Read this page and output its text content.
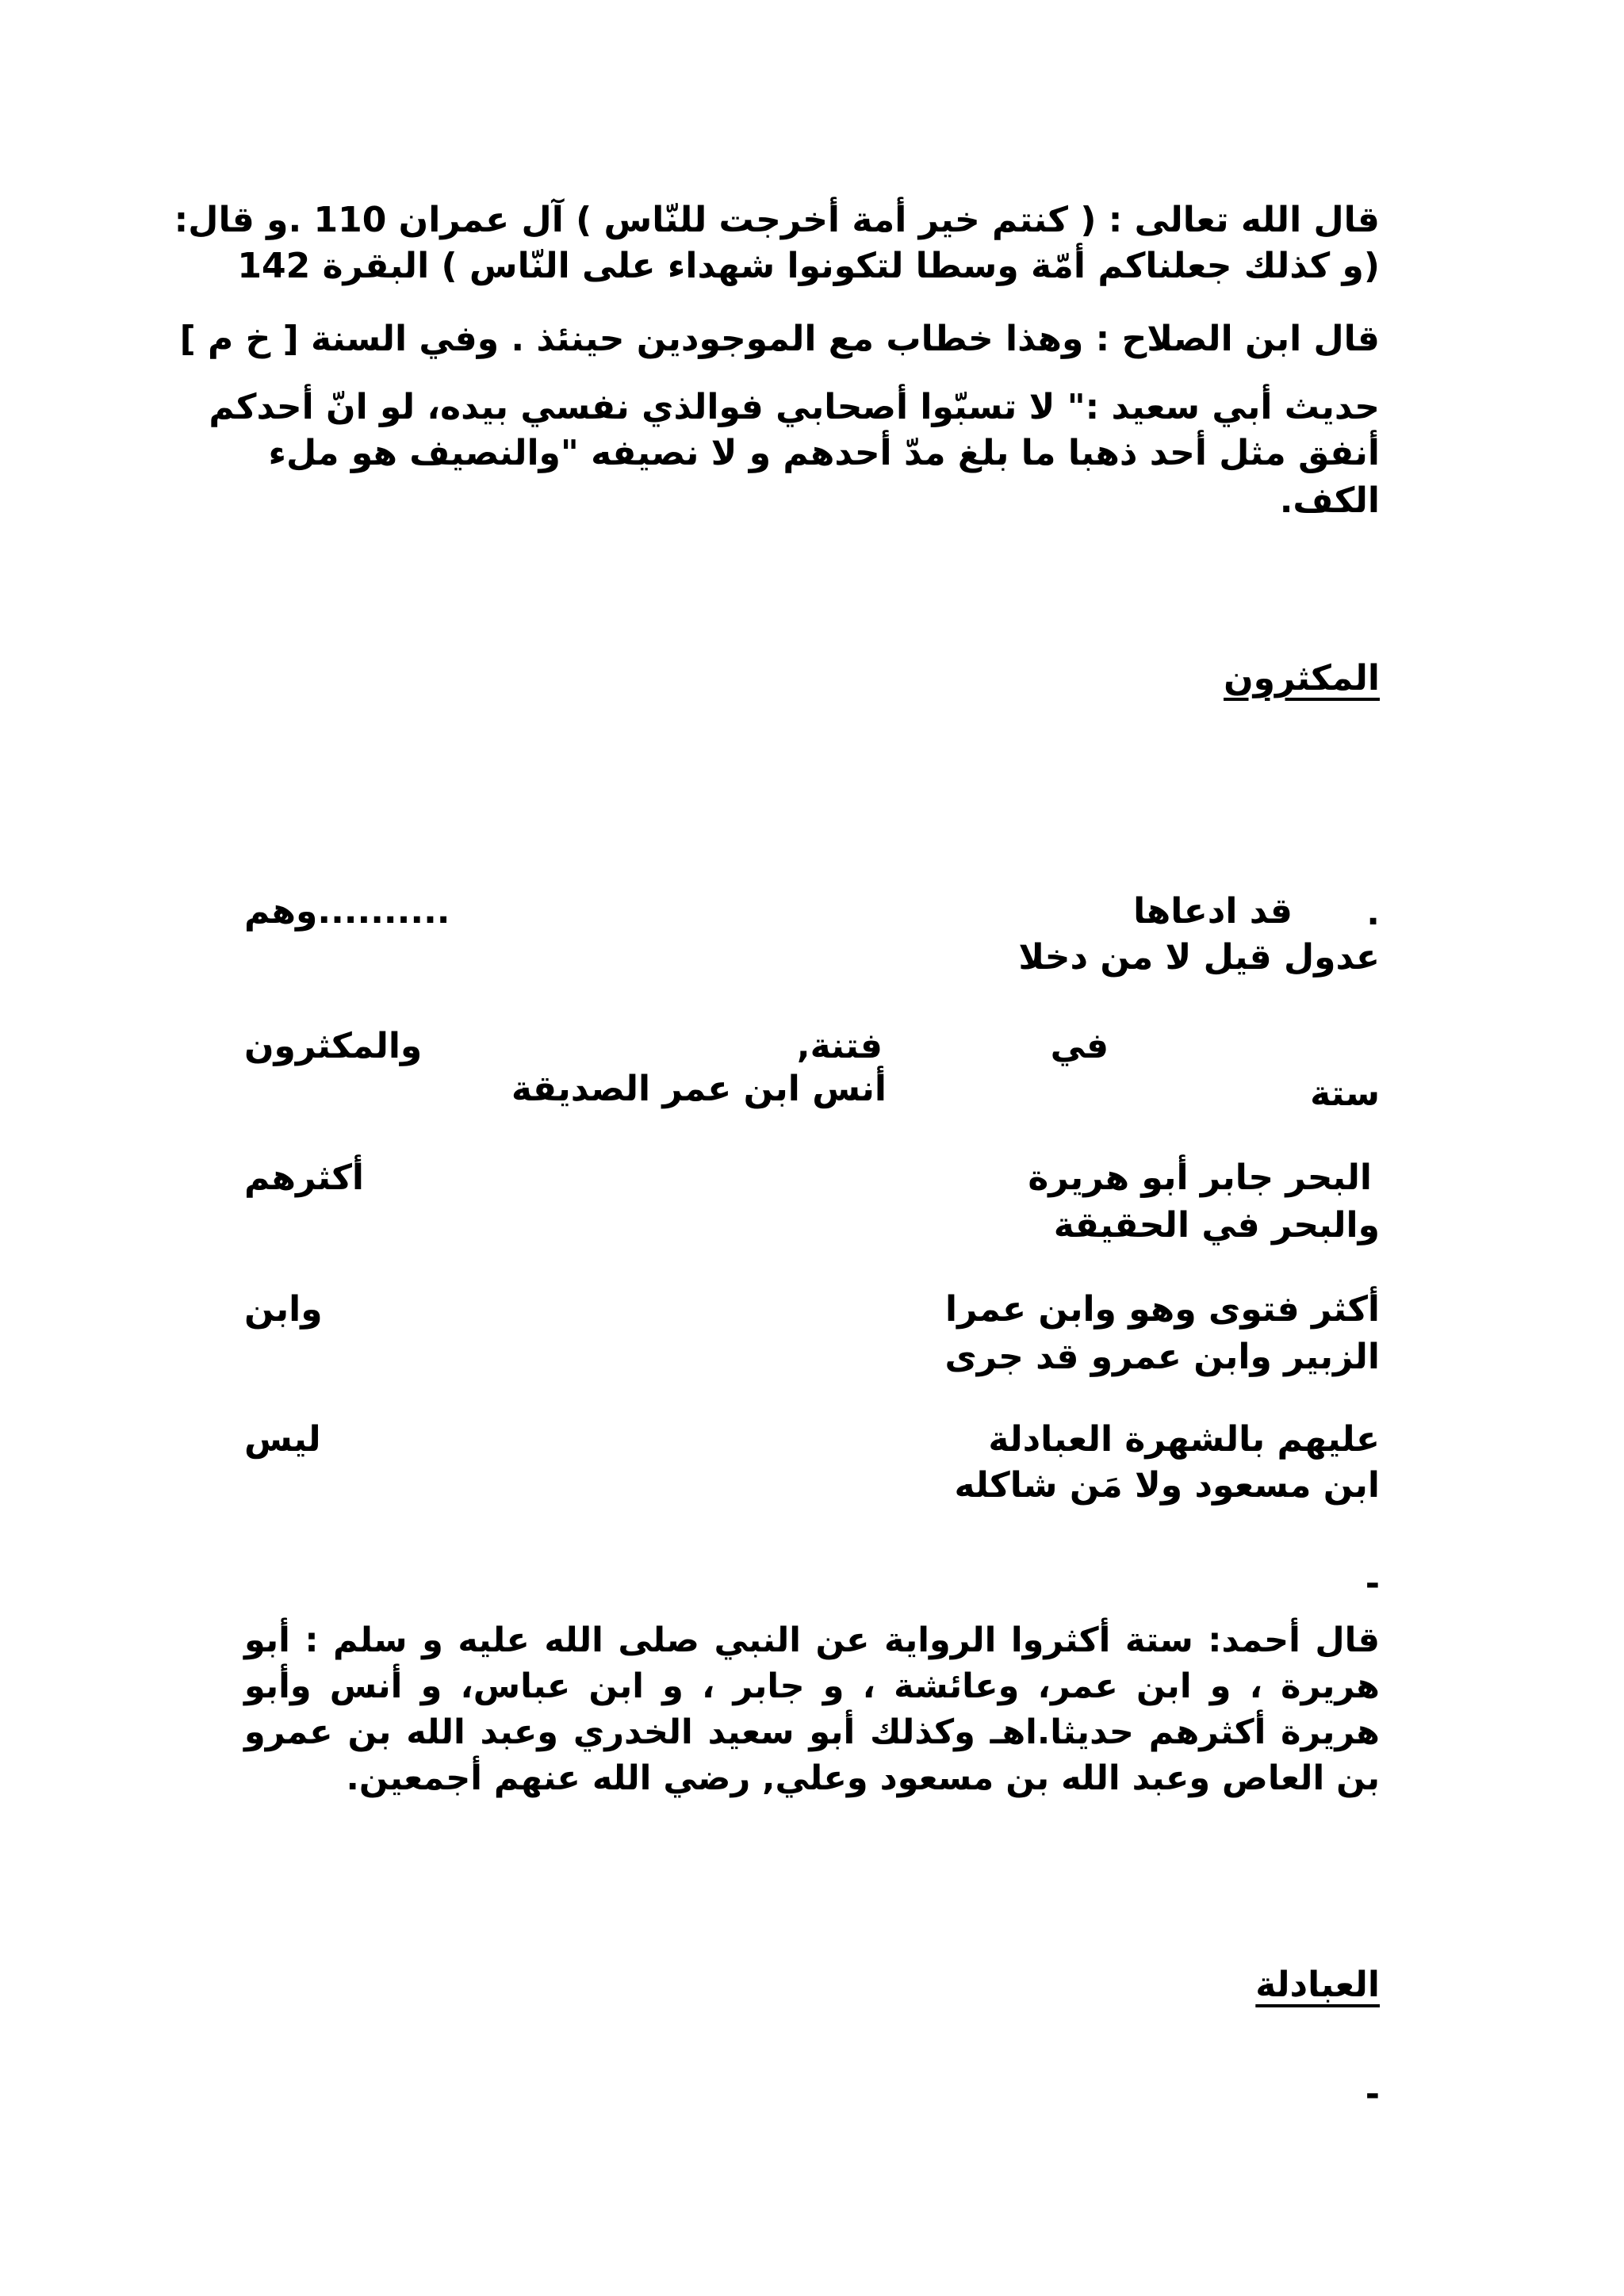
قال الله تعالى : ( كنتم خير أمة أخرجت للنّاس ) آل عمران 110 .و قال:
(و كذلك جعلناكم أمّة وسطا لتكونوا شهداء على النّاس ) البقرة 142
قال ابن الصلاح : وهذا خطاب مع الموجودين حينئذ . وفي السنة [ خ م ]
حديث أبي سعيد :" لا تسبّوا أصحابي فوالذي نفسي بيده، لو انّ أحدكم
أنفق مثل أحد ذهبا ما بلغ مدّ أحدهم و لا نصيفه "والنصيف هو ملء
الكف.
المكثرون
.
قد ادعاها
..........وهم
عدول قيل لا من دخلا
في
فتنة,
والمكثرون
ستة
أنس ابن عمر الصديقة
البحر جابر أبو هريرة
أكثرهم
والبحر في الحقيقة
أكثر فتوى وهو وابن عمرا
وابن
الزبير وابن عمرو قد جرى
عليهم بالشهرة العبادلة
ليس
ابن مسعود ولا مَن شاكله
-
قال أحمد: ستة أكثروا الرواية عن النبي صلى الله عليه و سلم : أبو هريرة ، و ابن عمر، وعائشة ، و جابر ، و ابن عباس، و أنس وأبو هريرة أكثرهم حديثا.اهـ وكذلك أبو سعيد الخدري وعبد الله بن عمرو بن العاص وعبد الله بن مسعود وعلي, رضي الله عنهم أجمعين.
العبادلة
-
